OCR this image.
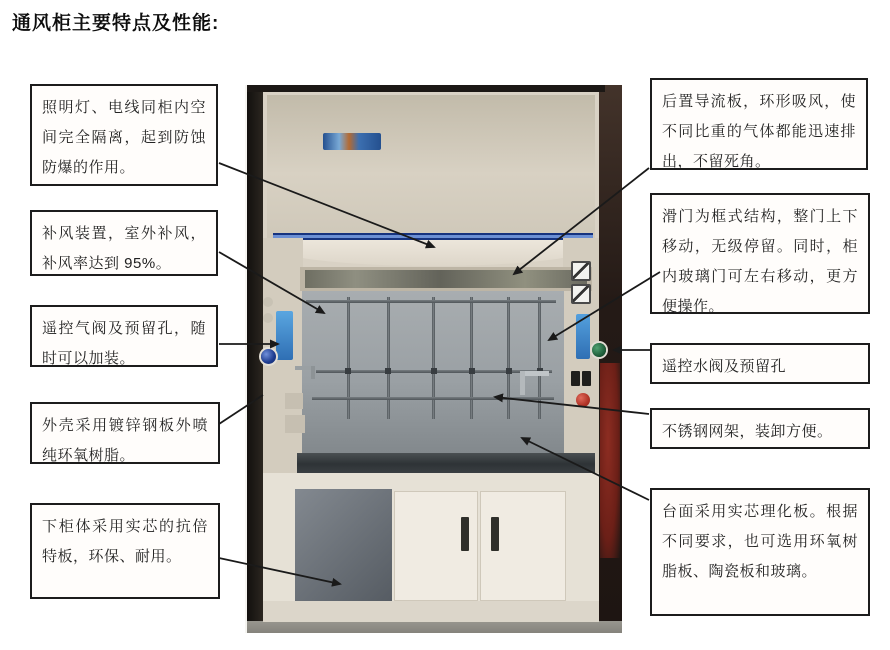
通风柜主要特点及性能:
照明灯、电线同柜内空间完全隔离，起到防蚀防爆的作用。
补风装置，室外补风，补风率达到 95%。
遥控气阀及预留孔，随时可以加装。
外壳采用镀锌钢板外喷纯环氧树脂。
下柜体采用实芯的抗倍特板，环保、耐用。
后置导流板，环形吸风，使不同比重的气体都能迅速排出，不留死角。
滑门为框式结构，整门上下移动，无级停留。同时，柜内玻璃门可左右移动，更方便操作。
遥控水阀及预留孔
不锈钢网架，装卸方便。
台面采用实芯理化板。根据不同要求，也可选用环氧树脂板、陶瓷板和玻璃。
